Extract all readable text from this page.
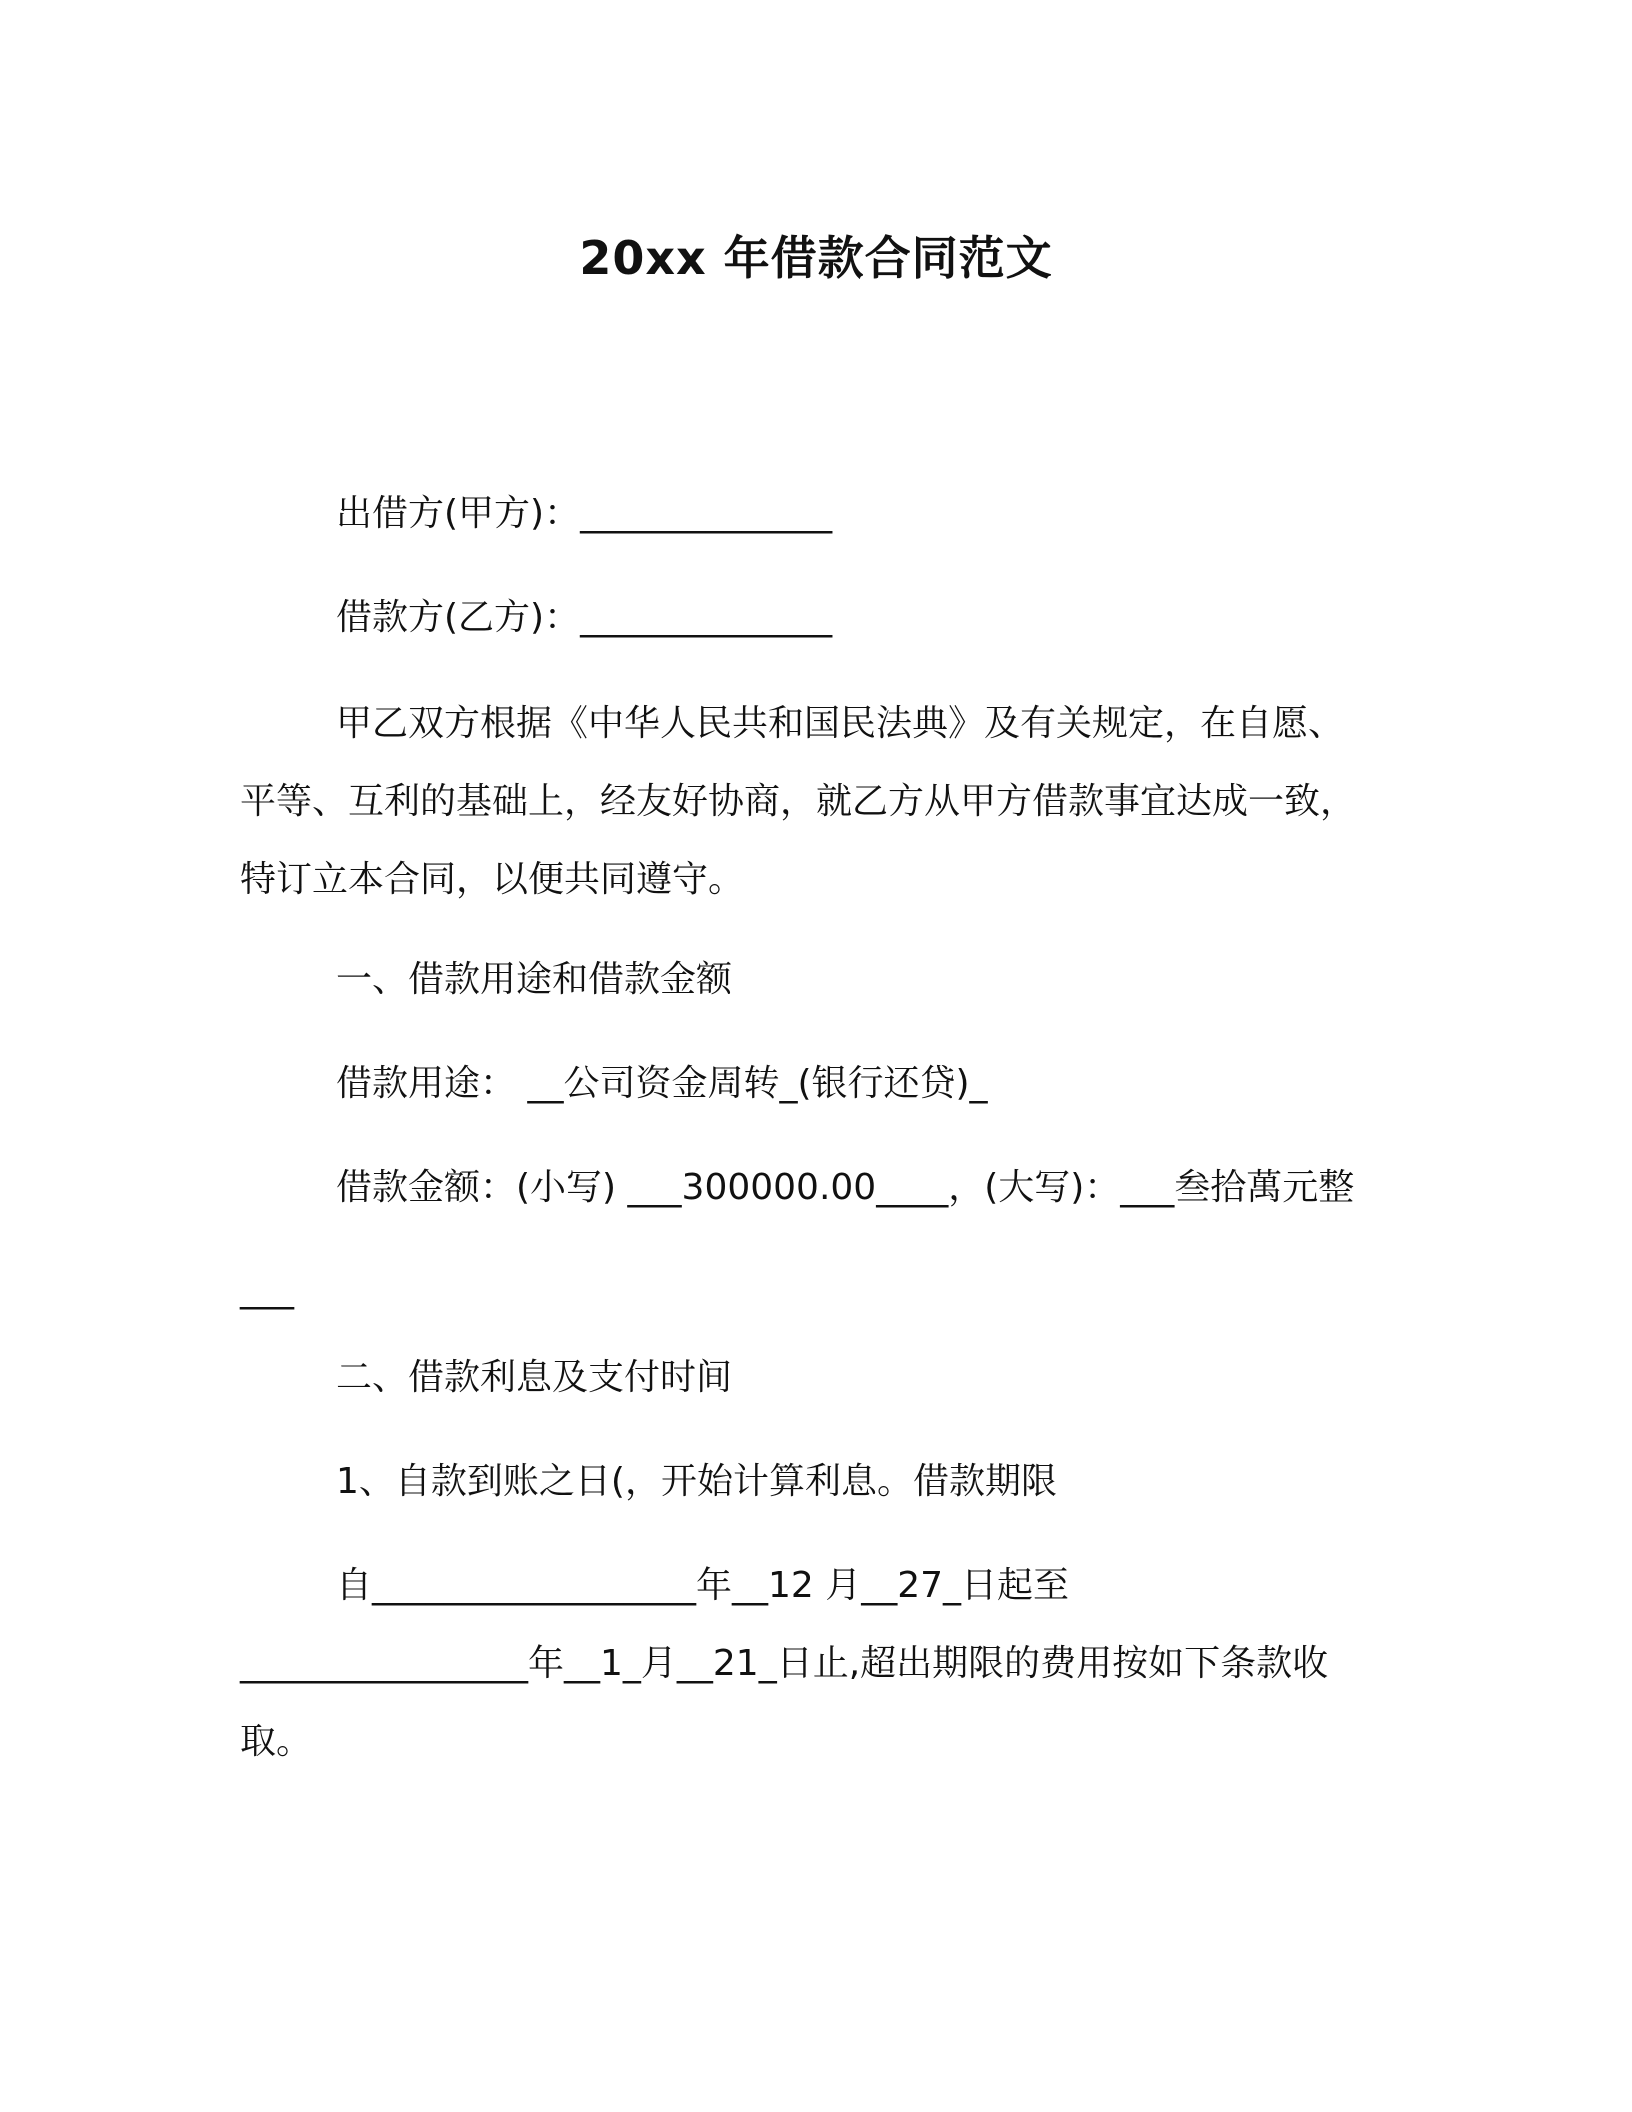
20xx 年借款合同范文
出借方(甲方)：______________
借款方(乙方)：______________
甲乙双方根据《中华人民共和国民法典》及有关规定，在自愿、
平等、互利的基础上，经友好协商，就乙方从甲方借款事宜达成一致，
特订立本合同，以便共同遵守。
一、借款用途和借款金额
借款用途： __公司资金周转_(银行还贷)_
借款金额：(小写) ___300000.00____，(大写)：___叁拾萬元整
___
二、借款利息及支付时间
1、自款到账之日(，开始计算利息。借款期限
自__________________年__12 月__27_日起至
________________年__1_月__21_日止,超出期限的费用按如下条款收
取。
